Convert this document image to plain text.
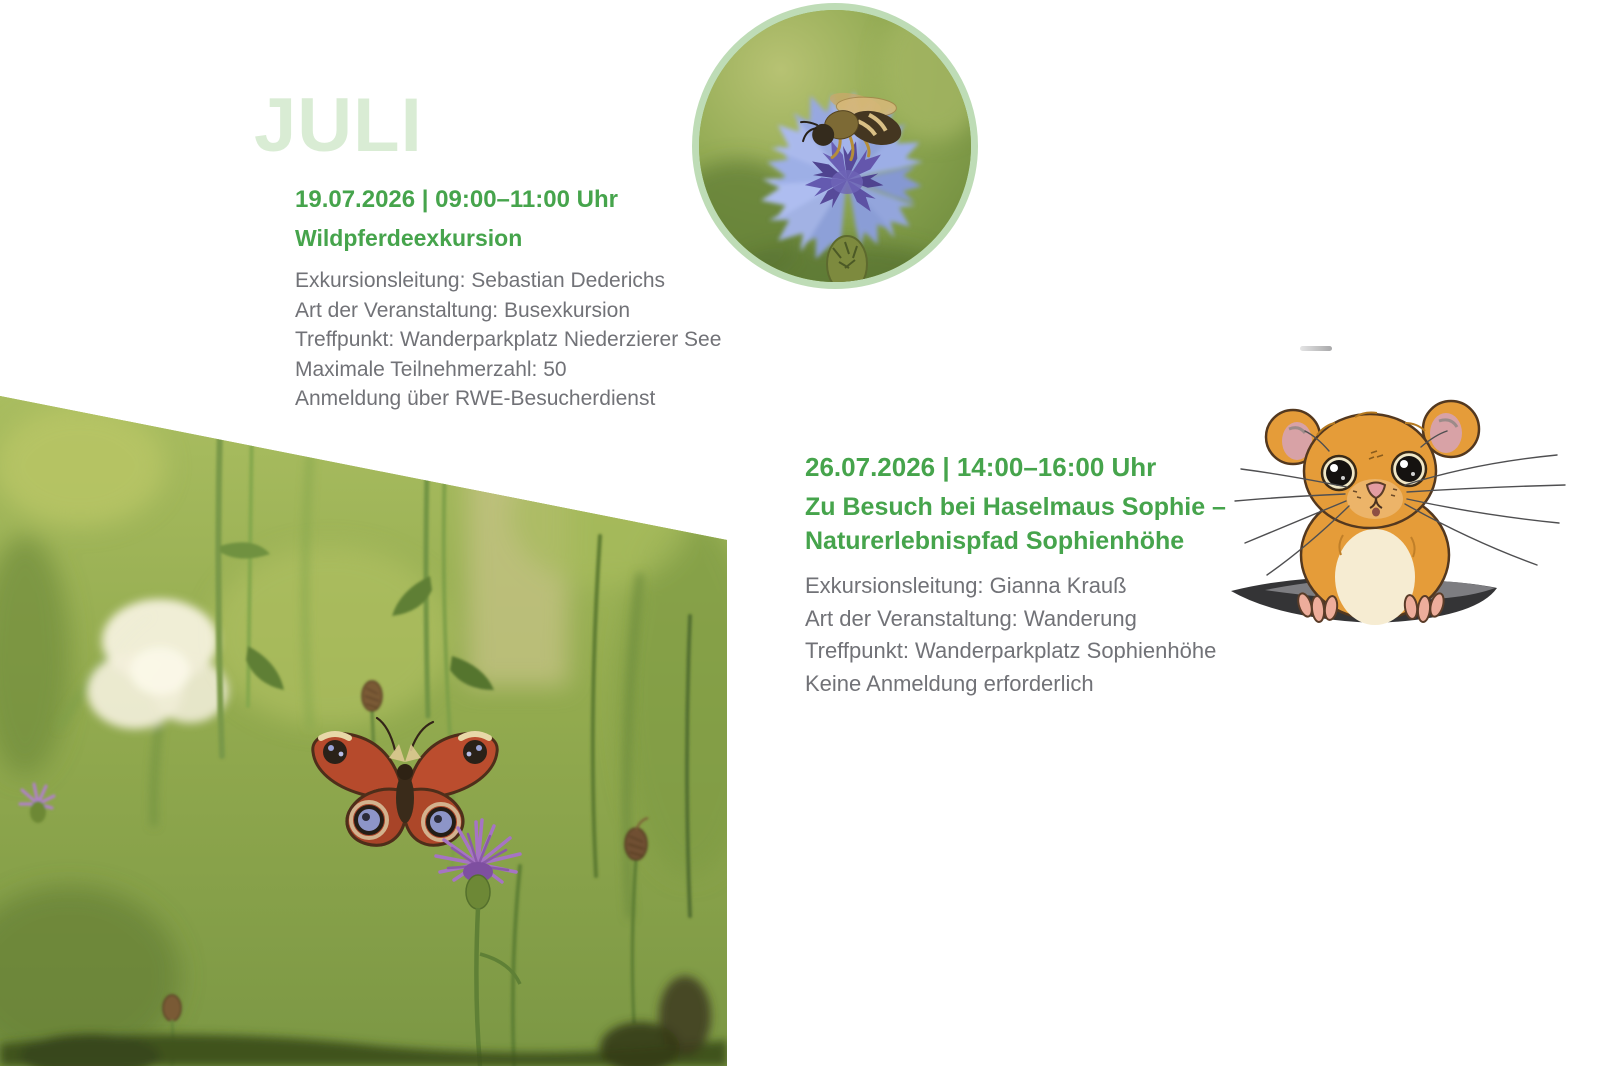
JULI
19.07.2026 | 09:00–11:00 Uhr
Wildpferdeexkursion
Exkursionsleitung: Sebastian Dederichs
Art der Veranstaltung: Busexkursion
Treffpunkt: Wanderparkplatz Niederzierer See
Maximale Teilnehmerzahl: 50
Anmeldung über RWE-Besucherdienst
26.07.2026 | 14:00–16:00 Uhr
Zu Besuch bei Haselmaus Sophie –
Naturerlebnispfad Sophienhöhe
Exkursionsleitung: Gianna Krauß
Art der Veranstaltung: Wanderung
Treffpunkt: Wanderparkplatz Sophienhöhe
Keine Anmeldung erforderlich
